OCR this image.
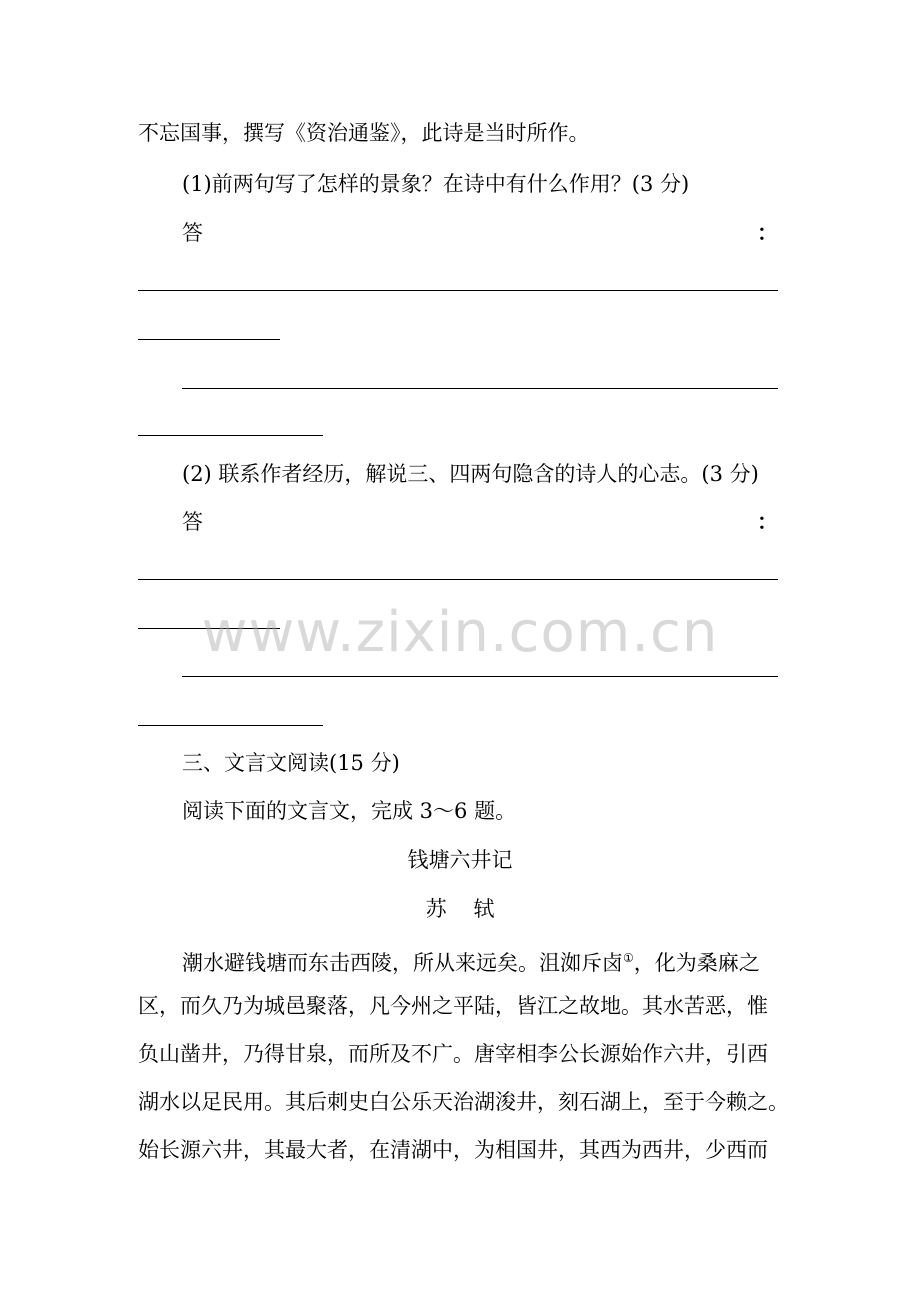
不忘国事，撰写《资治通鉴》，此诗是当时所作。
(1)前两句写了怎样的景象？在诗中有什么作用？(3 分)
答	：
(2) 联系作者经历，解说三、四两句隐含的诗人的心志。(3 分)
答	：
www.zixin.com.cn
三、文言文阅读(15 分)
阅读下面的文言文，完成 3～6 题。
钱塘六井记
苏    轼
潮水避钱塘而东击西陵，所从来远矣。沮洳斥卤①，化为桑麻之
区，而久乃为城邑聚落，凡今州之平陆，皆江之故地。其水苦恶，惟
负山凿井，乃得甘泉，而所及不广。唐宰相李公长源始作六井，引西
湖水以足民用。其后刺史白公乐天治湖浚井，刻石湖上，至于今赖之。
始长源六井，其最大者，在清湖中，为相国井，其西为西井，少西而
